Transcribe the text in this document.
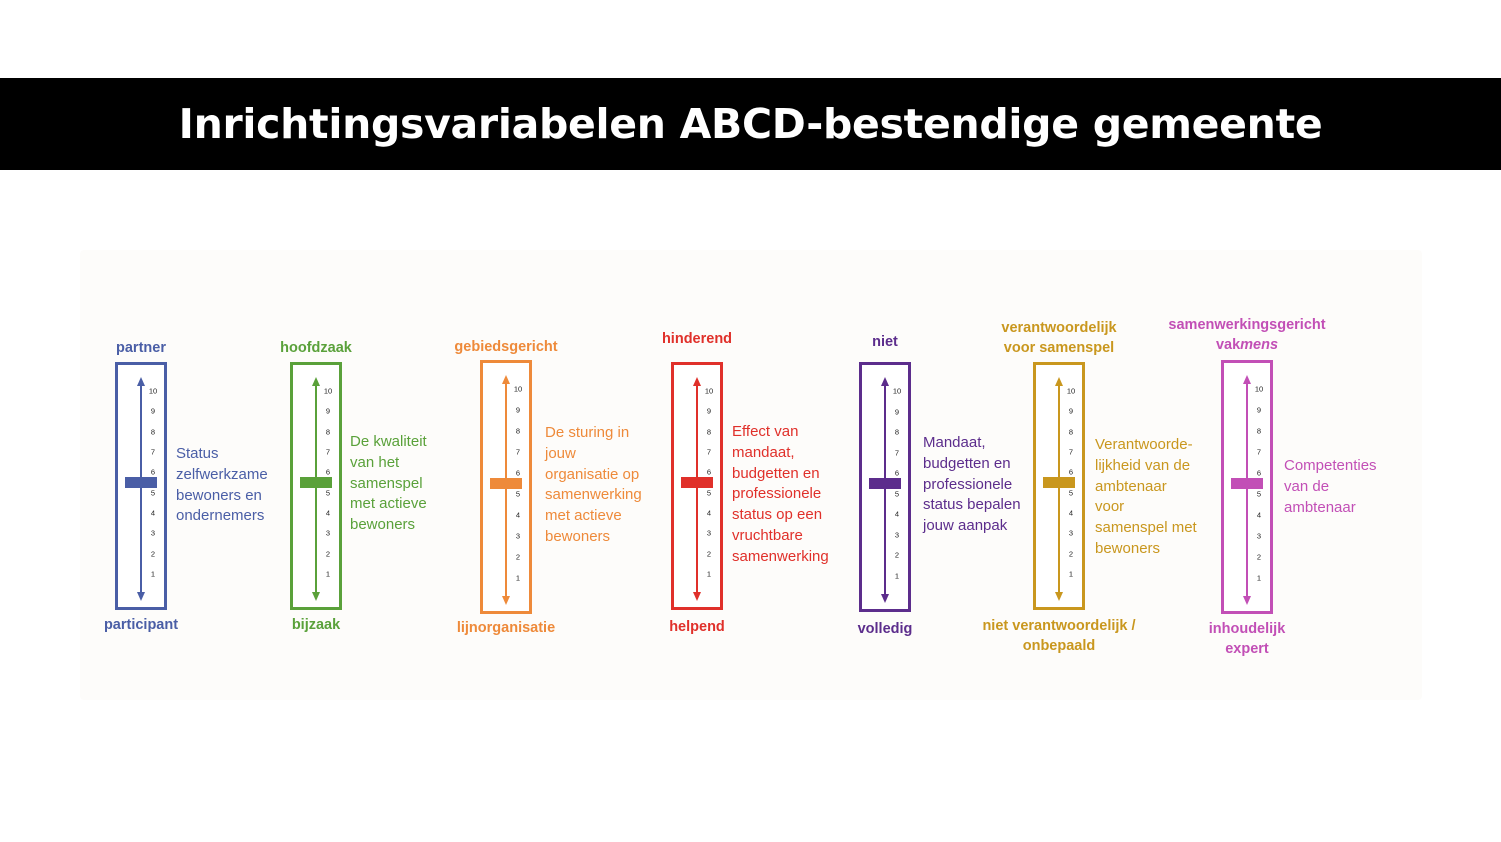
Inrichtingsvariabelen ABCD-bestendige gemeente
partner
10
9
8
7
6
5
4
3
2
1
participant
Status
zelfwerkzame
bewoners en
ondernemers
hoofdzaak
10
9
8
7
6
5
4
3
2
1
bijzaak
De kwaliteit
van het
samenspel
met actieve
bewoners
gebiedsgericht
10
9
8
7
6
5
4
3
2
1
lijnorganisatie
De sturing in
jouw
organisatie op
samenwerking
met actieve
bewoners
hinderend
10
9
8
7
6
5
4
3
2
1
helpend
Effect van
mandaat,
budgetten en
professionele
status op een
vruchtbare
samenwerking
niet
10
9
8
7
6
5
4
3
2
1
volledig
Mandaat,
budgetten en
professionele
status bepalen
jouw aanpak
verantwoordelijk
voor samenspel
10
9
8
7
6
5
4
3
2
1
niet verantwoordelijk /
onbepaald
Verantwoorde-
lijkheid van de
ambtenaar
voor
samenspel met
bewoners
samenwerkingsgericht
vakmens
10
9
8
7
6
5
4
3
2
1
inhoudelijk
expert
Competenties
van de
ambtenaar
